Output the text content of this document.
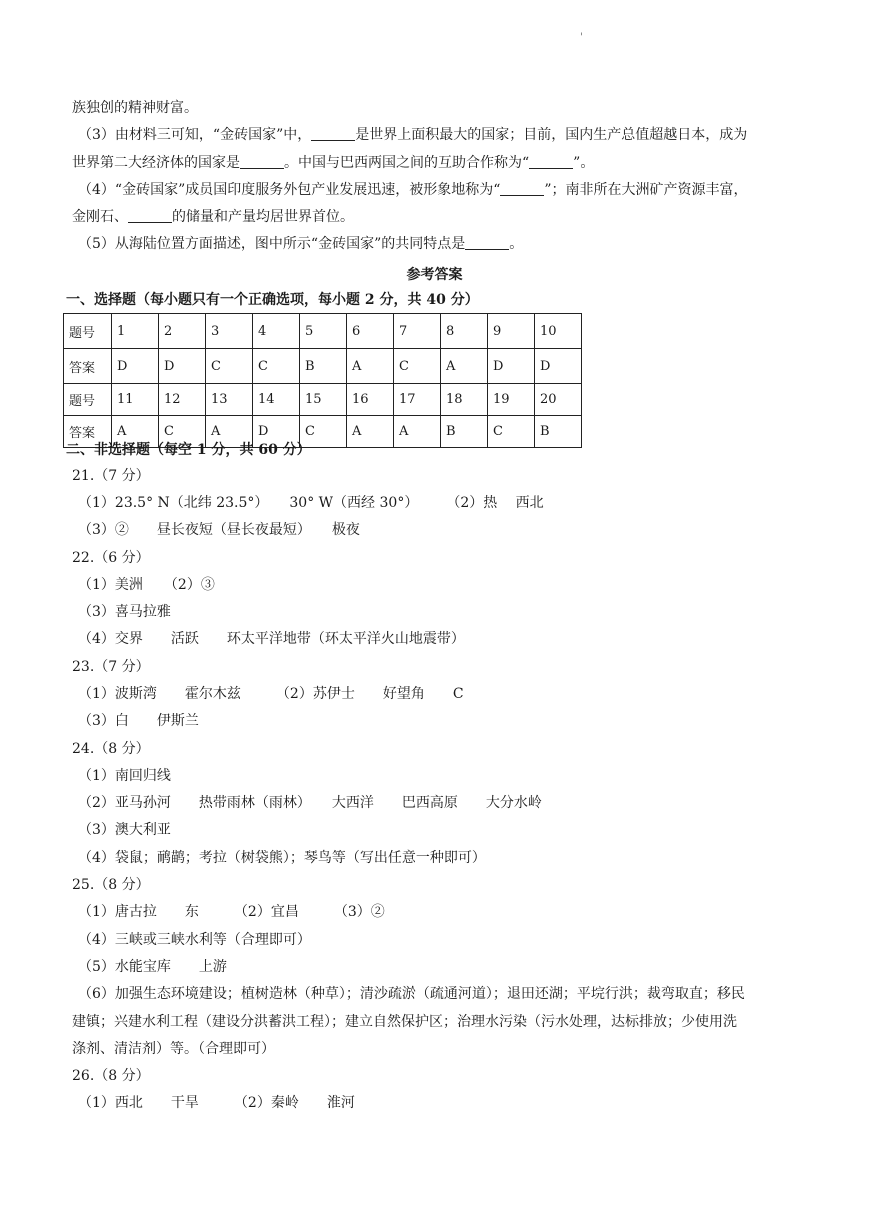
'
族独创的精神财富。
（3）由材料三可知，“金砖国家”中，	是世界上面积最大的国家；目前，国内生产总值超越日本，成为
世界第二大经济体的国家是	。中国与巴西两国之间的互助合作称为“	”。
（4）“金砖国家”成员国印度服务外包产业发展迅速，被形象地称为“	”；南非所在大洲矿产资源丰富，
金刚石、	的储量和产量均居世界首位。
（5）从海陆位置方面描述，图中所示“金砖国家”的共同特点是	。
参考答案
一、选择题（每小题只有一个正确选项，每小题 2 分，共 40 分）
题号	1	2	3	4	5	6	7	8	9	10
答案	D	D	C	C	B	A	C	A	D	D
题号	11	12	13	14	15	16	17	18	19	20
答案	A	C	A	D	C	A	A	B	C	B
二、非选择题（每空 1 分，共 60 分）
21.（7 分）
（1）23.5° N（北纬 23.5°）　　30° W（西经 30°）　　　（2）热　 西北
（3）②　　昼长夜短（昼长夜最短）　　极夜
22.（6 分）
（1）美洲　　（2）③
（3）喜马拉雅
（4）交界　　活跃　　环太平洋地带（环太平洋火山地震带）
23.（7 分）
（1）波斯湾　　霍尔木兹　　　（2）苏伊士　　好望角　　C
（3）白　　伊斯兰
24.（8 分）
（1）南回归线
（2）亚马孙河　　热带雨林（雨林）　　大西洋　　巴西高原　　大分水岭
（3）澳大利亚
（4）袋鼠；鸸鹋；考拉（树袋熊）；琴鸟等（写出任意一种即可）
25.（8 分）
（1）唐古拉　　东　　　（2）宜昌　　　（3）②
（4）三峡或三峡水利等（合理即可）
（5）水能宝库　　上游
（6）加强生态环境建设；植树造林（种草）；清沙疏淤（疏通河道）；退田还湖；平垸行洪；裁弯取直；移民
建镇；兴建水利工程（建设分洪蓄洪工程）；建立自然保护区；治理水污染（污水处理，达标排放；少使用洗
涤剂、清洁剂）等。（合理即可）
26.（8 分）
（1）西北　　干旱　　　（2）秦岭　　淮河
